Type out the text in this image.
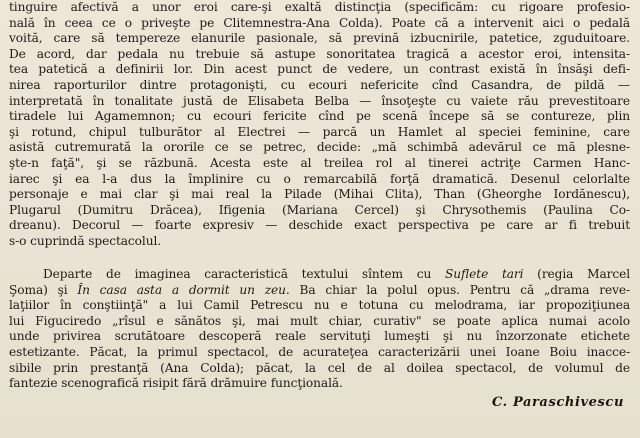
tinguire afectivă a unor eroi care-şi exaltă distincţia (specificăm: cu rigoare profesio-
nală în ceea ce o priveşte pe Clitemnestra-Ana Colda). Poate că a intervenit aici o pedală
voită, care să tempereze elanurile pasionale, să prevină izbucnirile, patetice, zguduitoare.
De acord, dar pedala nu trebuie să astupe sonoritatea tragică a acestor eroi, intensita-
tea patetică a definirii lor. Din acest punct de vedere, un contrast există în însăşi defi-
nirea raporturilor dintre protagonişti, cu ecouri nefericite cînd Casandra, de pildă —
interpretată în tonalitate justă de Elisabeta Belba — însoţeşte cu vaiete rău prevestitoare
tiradele lui Agamemnon; cu ecouri fericite cînd pe scenă începe să se contureze, plin
şi rotund, chipul tulburător al Electrei — parcă un Hamlet al speciei feminine, care
asistă cutremurată la ororile ce se petrec, decide: „mă schimbă adevărul ce mă plesne-
şte-n faţă", şi se răzbună. Acesta este al treilea rol al tinerei actriţe Carmen Hanc-
iarec şi ea l-a dus la împlinire cu o remarcabilă forţă dramatică. Desenul celorlalte
personaje e mai clar şi mai real la Pilade (Mihai Clita), Than (Gheorghe Iordănescu),
Plugarul (Dumitru Drăcea), Ifigenia (Mariana Cercel) şi Chrysothemis (Paulina Co-
dreanu). Decorul — foarte expresiv — deschide exact perspectiva pe care ar fi trebuit
s-o cuprindă spectacolul.
Departe de imaginea caracteristică textului sîntem cu Suflete tari (regia Marcel
Şoma) şi În casa asta a dormit un zeu. Ba chiar la polul opus. Pentru că „drama reve-
laţiilor în conştiinţă" a lui Camil Petrescu nu e totuna cu melodrama, iar propoziţiunea
lui Figuciredo „rîsul e sănătos şi, mai mult chiar, curativ" se poate aplica numai acolo
unde privirea scrutătoare descoperă reale servituţi lumeşti şi nu înzorzonate etichete
estetizante. Păcat, la primul spectacol, de acurateţea caracterizării unei Ioane Boiu inacce-
sibile prin prestanţă (Ana Colda); păcat, la cel de al doilea spectacol, de volumul de
fantezie scenografică risipit fără drămuire funcţională.
C. Paraschivescu
